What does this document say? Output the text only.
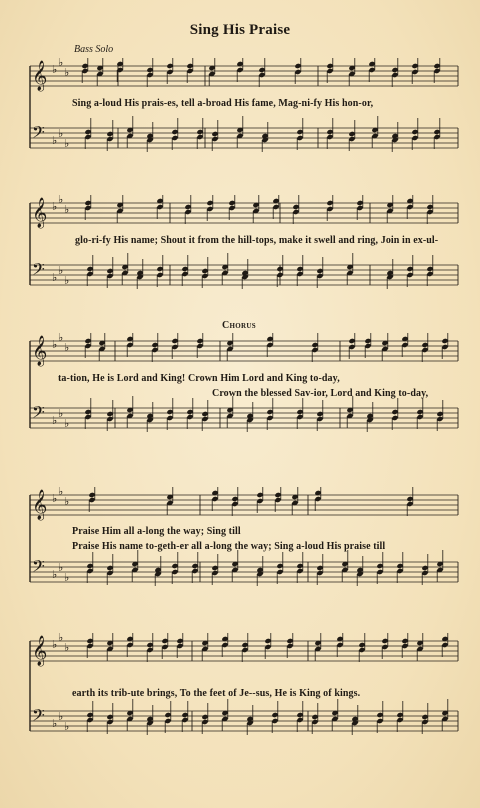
Sing His Praise
Bass Solo
Chorus
𝄞 ♭
♭
♭
𝄢 ♭
♭
♭
Sing a-loud His prais-es, tell a-broad His fame, Mag-ni-fy His hon-or,
𝄞 ♭
♭
♭
𝄢 ♭
♭
♭
glo-ri-fy His name; Shout it from the hill-tops, make it swell and ring, Join in ex-ul-
𝄞 ♭
♭
♭
𝄢 ♭
♭
♭
ta-tion, He is Lord and King! Crown Him Lord and King to-day,
Crown the blessed Sav-ior, Lord and King to-day,
𝄞 ♭
♭
♭
𝄢 ♭
♭
♭
Praise Him all a-long the way; Sing till
Praise His name to-geth-er all a-long the way; Sing a-loud His praise till
𝄞 ♭
♭
♭
𝄢 ♭
♭
♭
earth its trib-ute brings, To the feet of Je--sus, He is King of kings.
